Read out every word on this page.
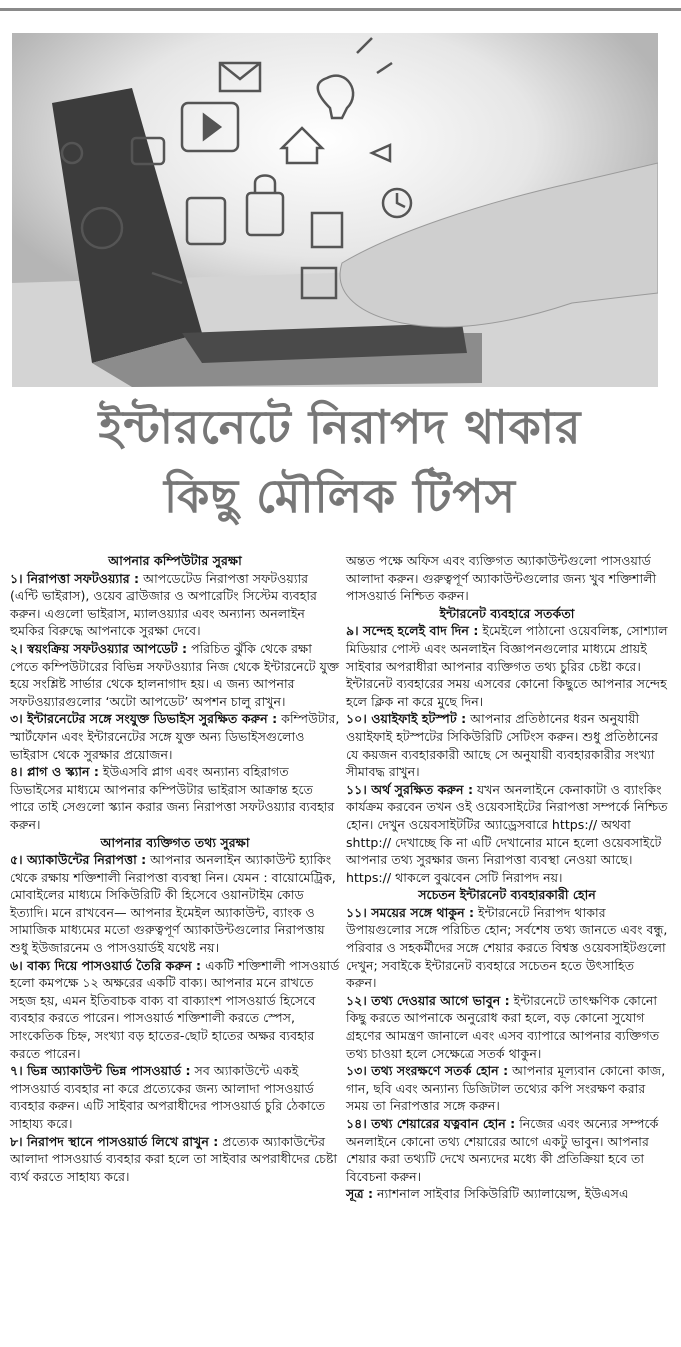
ইন্টারনেটে নিরাপদ থাকার
কিছু মৌলিক টিপস

আপনার কম্পিউটার সুরক্ষা

১। নিরাপত্তা সফটওয়্যার : আপডেটেড নিরাপত্তা সফটওয়্যার (এন্টি ভাইরাস), ওয়েব ব্রাউজার ও অপারেটিং সিস্টেম ব্যবহার করুন। এগুলো ভাইরাস, ম্যালওয়্যার এবং অন্যান্য অনলাইন হুমকির বিরুদ্ধে আপনাকে সুরক্ষা দেবে।

২। স্বয়ংক্রিয় সফটওয়্যার আপডেট : পরিচিত ঝুঁকি থেকে রক্ষা পেতে কম্পিউটারের বিভিন্ন সফটওয়্যার নিজ থেকে ইন্টারনেটে যুক্ত হয়ে সংশ্লিষ্ট সার্ভার থেকে হালনাগাদ হয়। এ জন্য আপনার সফটওয়্যারগুলোর ‘অটো আপডেট’ অপশন চালু রাখুন।

৩। ইন্টারনেটের সঙ্গে সংযুক্ত ডিভাইস সুরক্ষিত করুন : কম্পিউটার, স্মার্টফোন এবং ইন্টারনেটের সঙ্গে যুক্ত অন্য ডিভাইসগুলোও ভাইরাস থেকে সুরক্ষার প্রয়োজন।

৪। প্লাগ ও স্ক্যান : ইউএসবি প্লাগ এবং অন্যান্য বহিরাগত ডিভাইসের মাধ্যমে আপনার কম্পিউটার ভাইরাস আক্রান্ত হতে পারে তাই সেগুলো স্ক্যান করার জন্য নিরাপত্তা সফটওয়্যার ব্যবহার করুন।

আপনার ব্যক্তিগত তথ্য সুরক্ষা

৫। অ্যাকাউন্টের নিরাপত্তা : আপনার অনলাইন অ্যাকাউন্ট হ্যাকিং থেকে রক্ষায় শক্তিশালী নিরাপত্তা ব্যবস্থা নিন। যেমন : বায়োমেট্রিক, মোবাইলের মাধ্যমে সিকিউরিটি কী হিসেবে ওয়ানটাইম কোড ইত্যাদি। মনে রাখবেন— আপনার ইমেইল অ্যাকাউন্ট, ব্যাংক ও সামাজিক মাধ্যমের মতো গুরুত্বপূর্ণ অ্যাকাউন্টগুলোর নিরাপত্তায় শুধু ইউজারনেম ও পাসওয়ার্ডই যথেষ্ট নয়।

৬। বাক্য দিয়ে পাসওয়ার্ড তৈরি করুন : একটি শক্তিশালী পাসওয়ার্ড হলো কমপক্ষে ১২ অক্ষরের একটি বাক্য। আপনার মনে রাখতে সহজ হয়, এমন ইতিবাচক বাক্য বা বাক্যাংশ পাসওয়ার্ড হিসেবে ব্যবহার করতে পারেন। পাসওয়ার্ড শক্তিশালী করতে স্পেস, সাংকেতিক চিহ্ন, সংখ্যা বড় হাতের-ছোট হাতের অক্ষর ব্যবহার করতে পারেন।

৭। ভিন্ন অ্যাকাউন্ট ভিন্ন পাসওয়ার্ড : সব অ্যাকাউন্টে একই পাসওয়ার্ড ব্যবহার না করে প্রত্যেকের জন্য আলাদা পাসওয়ার্ড ব্যবহার করুন। এটি সাইবার অপরাধীদের পাসওয়ার্ড চুরি ঠেকাতে সাহায্য করে।

৮। নিরাপদ স্থানে পাসওয়ার্ড লিখে রাখুন : প্রত্যেক অ্যাকাউন্টের আলাদা পাসওয়ার্ড ব্যবহার করা হলে তা সাইবার অপরাধীদের চেষ্টা ব্যর্থ করতে সাহায্য করে।

অন্তত পক্ষে অফিস এবং ব্যক্তিগত অ্যাকাউন্টগুলো পাসওয়ার্ড আলাদা করুন। গুরুত্বপূর্ণ অ্যাকাউন্টগুলোর জন্য খুব শক্তিশালী পাসওয়ার্ড নিশ্চিত করুন।

ইন্টারনেট ব্যবহারে সতর্কতা

৯। সন্দেহ হলেই বাদ দিন : ইমেইলে পাঠানো ওয়েবলিঙ্ক, সোশ্যাল মিডিয়ার পোস্ট এবং অনলাইন বিজ্ঞাপনগুলোর মাধ্যমে প্রায়ই সাইবার অপরাধীরা আপনার ব্যক্তিগত তথ্য চুরির চেষ্টা করে। ইন্টারনেট ব্যবহারের সময় এসবের কোনো কিছুতে আপনার সন্দেহ হলে ক্লিক না করে মুছে দিন।

১০। ওয়াইফাই হটস্পট : আপনার প্রতিষ্ঠানের ধরন অনুযায়ী ওয়াইফাই হটস্পটের সিকিউরিটি সেটিংস করুন। শুধু প্রতিষ্ঠানের যে কয়জন ব্যবহারকারী আছে সে অনুযায়ী ব্যবহারকারীর সংখ্যা সীমাবদ্ধ রাখুন।

১১। অর্থ সুরক্ষিত করুন : যখন অনলাইনে কেনাকাটা ও ব্যাংকিং কার্যক্রম করবেন তখন ওই ওয়েবসাইটের নিরাপত্তা সম্পর্কে নিশ্চিত হোন। দেখুন ওয়েবসাইটটির অ্যাড্রেসবারে https:// অথবা shttp:// দেখাচ্ছে কি না এটি দেখানোর মানে হলো ওয়েবসাইটে আপনার তথ্য সুরক্ষার জন্য নিরাপত্তা ব্যবস্থা নেওয়া আছে। https:// থাকলে বুঝবেন সেটি নিরাপদ নয়।

সচেতন ইন্টারনেট ব্যবহারকারী হোন

১১। সময়ের সঙ্গে থাকুন : ইন্টারনেটে নিরাপদ থাকার উপায়গুলোর সঙ্গে পরিচিত হোন; সর্বশেষ তথ্য জানতে এবং বন্ধু, পরিবার ও সহকর্মীদের সঙ্গে শেয়ার করতে বিশ্বস্ত ওয়েবসাইটগুলো দেখুন; সবাইকে ইন্টারনেট ব্যবহারে সচেতন হতে উৎসাহিত করুন।

১২। তথ্য দেওয়ার আগে ভাবুন : ইন্টারনেটে তাৎক্ষণিক কোনো কিছু করতে আপনাকে অনুরোধ করা হলে, বড় কোনো সুযোগ গ্রহণের আমন্ত্রণ জানালে এবং এসব ব্যাপারে আপনার ব্যক্তিগত তথ্য চাওয়া হলে সেক্ষেত্রে সতর্ক থাকুন।

১৩। তথ্য সংরক্ষণে সতর্ক হোন : আপনার মূল্যবান কোনো কাজ, গান, ছবি এবং অন্যান্য ডিজিটাল তথ্যের কপি সংরক্ষণ করার সময় তা নিরাপত্তার সঙ্গে করুন।

১৪। তথ্য শেয়ারের যত্নবান হোন : নিজের এবং অন্যের সম্পর্কে অনলাইনে কোনো তথ্য শেয়ারের আগে একটু ভাবুন। আপনার শেয়ার করা তথ্যটি দেখে অন্যদের মধ্যে কী প্রতিক্রিয়া হবে তা বিবেচনা করুন।

সূত্র : ন্যাশনাল সাইবার সিকিউরিটি অ্যালায়েন্স, ইউএসএ
